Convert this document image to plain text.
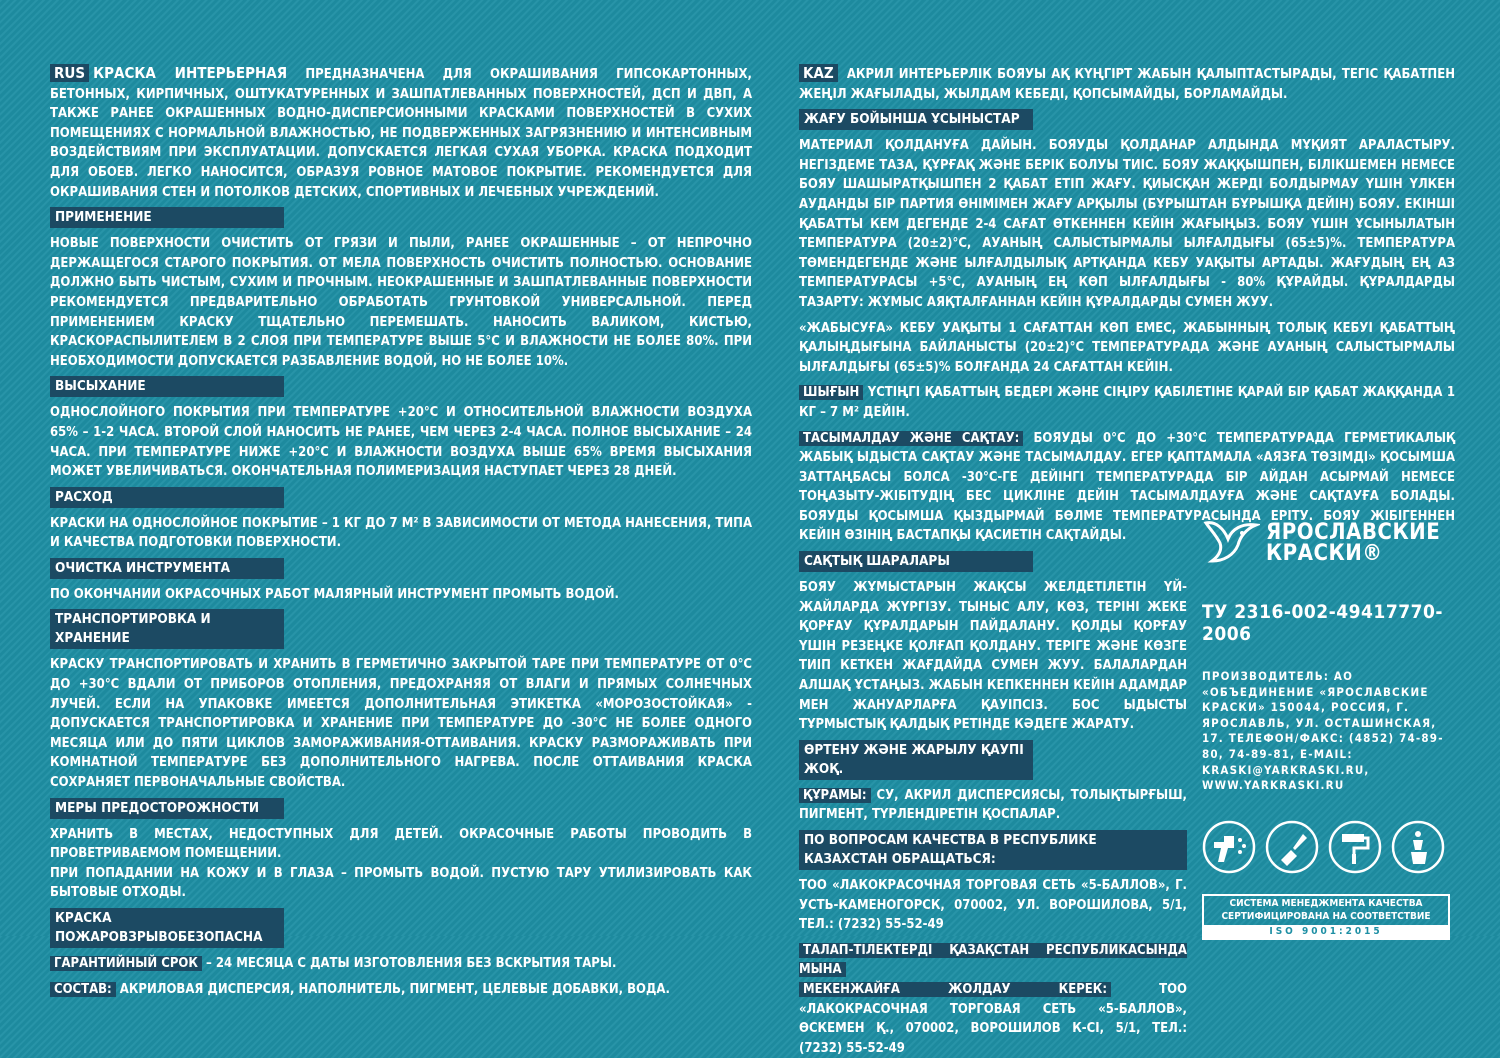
RUS КРАСКА ИНТЕРЬЕРНАЯ ПРЕДНАЗНАЧЕНА ДЛЯ ОКРАШИВАНИЯ ГИПСОКАРТОННЫХ, БЕТОННЫХ, КИРПИЧНЫХ, ОШТУКАТУРЕННЫХ И ЗАШПАТЛЕВАННЫХ ПОВЕРХНОСТЕЙ, ДСП И ДВП, А ТАКЖЕ РАНЕЕ ОКРАШЕННЫХ ВОДНО-ДИСПЕРСИОННЫМИ КРАСКАМИ ПОВЕРХНОСТЕЙ В СУХИХ ПОМЕЩЕНИЯХ С НОРМАЛЬНОЙ ВЛАЖНОСТЬЮ, НЕ ПОДВЕРЖЕННЫХ ЗАГРЯЗНЕНИЮ И ИНТЕНСИВНЫМ ВОЗДЕЙСТВИЯМ ПРИ ЭКСПЛУАТАЦИИ. ДОПУСКАЕТСЯ ЛЕГКАЯ СУХАЯ УБОРКА. КРАСКА ПОДХОДИТ ДЛЯ ОБОЕВ. ЛЕГКО НАНОСИТСЯ, ОБРАЗУЯ РОВНОЕ МАТОВОЕ ПОКРЫТИЕ. РЕКОМЕНДУЕТСЯ ДЛЯ ОКРАШИВАНИЯ СТЕН И ПОТОЛКОВ ДЕТСКИХ, СПОРТИВНЫХ И ЛЕЧЕБНЫХ УЧРЕЖДЕНИЙ.

ПРИМЕНЕНИЕ

НОВЫЕ ПОВЕРХНОСТИ ОЧИСТИТЬ ОТ ГРЯЗИ И ПЫЛИ, РАНЕЕ ОКРАШЕННЫЕ – ОТ НЕПРОЧНО ДЕРЖАЩЕГОСЯ СТАРОГО ПОКРЫТИЯ. ОТ МЕЛА ПОВЕРХНОСТЬ ОЧИСТИТЬ ПОЛНОСТЬЮ. ОСНОВАНИЕ ДОЛЖНО БЫТЬ ЧИСТЫМ, СУХИМ И ПРОЧНЫМ. НЕОКРАШЕННЫЕ И ЗАШПАТЛЕВАННЫЕ ПОВЕРХНОСТИ РЕКОМЕНДУЕТСЯ ПРЕДВАРИТЕЛЬНО ОБРАБОТАТЬ ГРУНТОВКОЙ УНИВЕРСАЛЬНОЙ. ПЕРЕД ПРИМЕНЕНИЕМ КРАСКУ ТЩАТЕЛЬНО ПЕРЕМЕШАТЬ. НАНОСИТЬ ВАЛИКОМ, КИСТЬЮ, КРАСКОРАСПЫЛИТЕЛЕМ В 2 СЛОЯ ПРИ ТЕМПЕРАТУРЕ ВЫШЕ 5°С И ВЛАЖНОСТИ НЕ БОЛЕЕ 80%. ПРИ НЕОБХОДИМОСТИ ДОПУСКАЕТСЯ РАЗБАВЛЕНИЕ ВОДОЙ, НО НЕ БОЛЕЕ 10%.

ВЫСЫХАНИЕ

ОДНОСЛОЙНОГО ПОКРЫТИЯ ПРИ ТЕМПЕРАТУРЕ +20°С И ОТНОСИТЕЛЬНОЙ ВЛАЖНОСТИ ВОЗДУХА 65% – 1-2 ЧАСА. ВТОРОЙ СЛОЙ НАНОСИТЬ НЕ РАНЕЕ, ЧЕМ ЧЕРЕЗ 2-4 ЧАСА. ПОЛНОЕ ВЫСЫХАНИЕ – 24 ЧАСА. ПРИ ТЕМПЕРАТУРЕ НИЖЕ +20°С И ВЛАЖНОСТИ ВОЗДУХА ВЫШЕ 65% ВРЕМЯ ВЫСЫХАНИЯ МОЖЕТ УВЕЛИЧИВАТЬСЯ. ОКОНЧАТЕЛЬНАЯ ПОЛИМЕРИЗАЦИЯ НАСТУПАЕТ ЧЕРЕЗ 28 ДНЕЙ.

РАСХОД

КРАСКИ НА ОДНОСЛОЙНОЕ ПОКРЫТИЕ – 1 КГ ДО 7 М² В ЗАВИСИМОСТИ ОТ МЕТОДА НАНЕСЕНИЯ, ТИПА И КАЧЕСТВА ПОДГОТОВКИ ПОВЕРХНОСТИ.

ОЧИСТКА ИНСТРУМЕНТА

ПО ОКОНЧАНИИ ОКРАСОЧНЫХ РАБОТ МАЛЯРНЫЙ ИНСТРУМЕНТ ПРОМЫТЬ ВОДОЙ.

ТРАНСПОРТИРОВКА И ХРАНЕНИЕ

КРАСКУ ТРАНСПОРТИРОВАТЬ И ХРАНИТЬ В ГЕРМЕТИЧНО ЗАКРЫТОЙ ТАРЕ ПРИ ТЕМПЕРАТУРЕ ОТ 0°С ДО +30°С ВДАЛИ ОТ ПРИБОРОВ ОТОПЛЕНИЯ, ПРЕДОХРАНЯЯ ОТ ВЛАГИ И ПРЯМЫХ СОЛНЕЧНЫХ ЛУЧЕЙ. ЕСЛИ НА УПАКОВКЕ ИМЕЕТСЯ ДОПОЛНИТЕЛЬНАЯ ЭТИКЕТКА «МОРОЗОСТОЙКАЯ» - ДОПУСКАЕТСЯ ТРАНСПОРТИРОВКА И ХРАНЕНИЕ ПРИ ТЕМПЕРАТУРЕ ДО -30°С НЕ БОЛЕЕ ОДНОГО МЕСЯЦА ИЛИ ДО ПЯТИ ЦИКЛОВ ЗАМОРАЖИВАНИЯ-ОТТАИВАНИЯ. КРАСКУ РАЗМОРАЖИВАТЬ ПРИ КОМНАТНОЙ ТЕМПЕРАТУРЕ БЕЗ ДОПОЛНИТЕЛЬНОГО НАГРЕВА. ПОСЛЕ ОТТАИВАНИЯ КРАСКА СОХРАНЯЕТ ПЕРВОНАЧАЛЬНЫЕ СВОЙСТВА.

МЕРЫ ПРЕДОСТОРОЖНОСТИ

ХРАНИТЬ В МЕСТАХ, НЕДОСТУПНЫХ ДЛЯ ДЕТЕЙ. ОКРАСОЧНЫЕ РАБОТЫ ПРОВОДИТЬ В ПРОВЕТРИВАЕМОМ ПОМЕЩЕНИИ.

ПРИ ПОПАДАНИИ НА КОЖУ И В ГЛАЗА – ПРОМЫТЬ ВОДОЙ. ПУСТУЮ ТАРУ УТИЛИЗИРОВАТЬ КАК БЫТОВЫЕ ОТХОДЫ.

КРАСКА ПОЖАРОВЗРЫВОБЕЗОПАСНА

ГАРАНТИЙНЫЙ СРОК – 24 МЕСЯЦА С ДАТЫ ИЗГОТОВЛЕНИЯ БЕЗ ВСКРЫТИЯ ТАРЫ.

СОСТАВ: АКРИЛОВАЯ ДИСПЕРСИЯ, НАПОЛНИТЕЛЬ, ПИГМЕНТ, ЦЕЛЕВЫЕ ДОБАВКИ, ВОДА.

KAZ АКРИЛ ИНТЕРЬЕРЛІК БОЯУЫ АҚ КҮҢГІРТ ЖАБЫН ҚАЛЫПТАСТЫРАДЫ, ТЕГІС ҚАБАТПЕН ЖЕҢІЛ ЖАҒЫЛАДЫ, ЖЫЛДАМ КЕБЕДІ, ҚОПСЫМАЙДЫ, БОРЛАМАЙДЫ.

ЖАҒУ БОЙЫНША ҰСЫНЫСТАР

МАТЕРИАЛ ҚОЛДАНУҒА ДАЙЫН. БОЯУДЫ ҚОЛДАНАР АЛДЫНДА МҰҚИЯТ АРАЛАСТЫРУ. НЕГІЗДЕМЕ ТАЗА, ҚҰРҒАҚ ЖӘНЕ БЕРІК БОЛУЫ ТИІС. БОЯУ ЖАҚҚЫШПЕН, БІЛІКШЕМЕН НЕМЕСЕ БОЯУ ШАШЫРАТҚЫШПЕН 2 ҚАБАТ ЕТІП ЖАҒУ. ҚИЫСҚАН ЖЕРДІ БОЛДЫРМАУ ҮШІН ҮЛКЕН АУДАНДЫ БІР ПАРТИЯ ӨНІМІМЕН ЖАҒУ АРҚЫЛЫ (БҰРЫШТАН БҰРЫШҚА ДЕЙІН) БОЯУ. ЕКІНШІ ҚАБАТТЫ КЕМ ДЕГЕНДЕ 2-4 САҒАТ ӨТКЕННЕН КЕЙІН ЖАҒЫҢЫЗ. БОЯУ ҮШІН ҰСЫНЫЛАТЫН ТЕМПЕРАТУРА (20±2)°С, АУАНЫҢ САЛЫСТЫРМАЛЫ ЫЛҒАЛДЫҒЫ (65±5)%. ТЕМПЕРАТУРА ТӨМЕНДЕГЕНДЕ ЖӘНЕ ЫЛҒАЛДЫЛЫҚ АРТҚАНДА КЕБУ УАҚЫТЫ АРТАДЫ. ЖАҒУДЫҢ ЕҢ АЗ ТЕМПЕРАТУРАСЫ +5°С, АУАНЫҢ ЕҢ КӨП ЫЛҒАЛДЫҒЫ - 80% ҚҰРАЙДЫ. ҚҰРАЛДАРДЫ ТАЗАРТУ: ЖҰМЫС АЯҚТАЛҒАННАН КЕЙІН ҚҰРАЛДАРДЫ СУМЕН ЖУУ.

«ЖАБЫСУҒА» КЕБУ УАҚЫТЫ 1 САҒАТТАН КӨП ЕМЕС, ЖАБЫННЫҢ ТОЛЫҚ КЕБУІ ҚАБАТТЫҢ ҚАЛЫҢДЫҒЫНА БАЙЛАНЫСТЫ (20±2)°С ТЕМПЕРАТУРАДА ЖӘНЕ АУАНЫҢ САЛЫСТЫРМАЛЫ ЫЛҒАЛДЫҒЫ (65±5)% БОЛҒАНДА 24 САҒАТТАН КЕЙІН.

ШЫҒЫН ҮСТІҢГІ ҚАБАТТЫҢ БЕДЕРІ ЖӘНЕ СІҢІРУ ҚАБІЛЕТІНЕ ҚАРАЙ БІР ҚАБАТ ЖАҚҚАНДА 1 КГ – 7 М² ДЕЙІН.

ТАСЫМАЛДАУ ЖӘНЕ САҚТАУ: БОЯУДЫ 0°С ДО +30°С ТЕМПЕРАТУРАДА ГЕРМЕТИКАЛЫҚ ЖАБЫҚ ЫДЫСТА САҚТАУ ЖӘНЕ ТАСЫМАЛДАУ. ЕГЕР ҚАПТАМАЛА «АЯЗҒА ТӨЗІМДІ» ҚОСЫМША ЗАТТАҢБАСЫ БОЛСА -30°С-ГЕ ДЕЙІНГІ ТЕМПЕРАТУРАДА БІР АЙДАН АСЫРМАЙ НЕМЕСЕ ТОҢАЗЫТУ-ЖІБІТУДІҢ БЕС ЦИКЛІНЕ ДЕЙІН ТАСЫМАЛДАУҒА ЖӘНЕ САҚТАУҒА БОЛАДЫ. БОЯУДЫ ҚОСЫМША ҚЫЗДЫРМАЙ БӨЛМЕ ТЕМПЕРАТУРАСЫНДА ЕРІТУ. БОЯУ ЖІБІГЕННЕН КЕЙІН ӨЗІНІҢ БАСТАПҚЫ ҚАСИЕТІН САҚТАЙДЫ.

САҚТЫҚ ШАРАЛАРЫ

БОЯУ ЖҰМЫСТАРЫН ЖАҚСЫ ЖЕЛДЕТІЛЕТІН ҮЙ-ЖАЙЛАРДА ЖҮРГІЗУ. ТЫНЫС АЛУ, КӨЗ, ТЕРІНІ ЖЕКЕ ҚОРҒАУ ҚҰРАЛДАРЫН ПАЙДАЛАНУ. ҚОЛДЫ ҚОРҒАУ ҮШІН РЕЗЕҢКЕ ҚОЛҒАП ҚОЛДАНУ. ТЕРІГЕ ЖӘНЕ КӨЗГЕ ТИІП КЕТКЕН ЖАҒДАЙДА СУМЕН ЖУУ. БАЛАЛАРДАН АЛШАҚ ҰСТАҢЫЗ. ЖАБЫН КЕПКЕННЕН КЕЙІН АДАМДАР МЕН ЖАНУАРЛАРҒА ҚАУІПСІЗ. БОС ЫДЫСТЫ ТҰРМЫСТЫҚ ҚАЛДЫҚ РЕТІНДЕ КӘДЕГЕ ЖАРАТУ.

ӨРТЕНУ ЖӘНЕ ЖАРЫЛУ ҚАУПІ ЖОҚ.

ҚҰРАМЫ: СУ, АКРИЛ ДИСПЕРСИЯСЫ, ТОЛЫҚТЫРҒЫШ, ПИГМЕНТ, ТҮРЛЕНДІРЕТІН ҚОСПАЛАР.

ПО ВОПРОСАМ КАЧЕСТВА В РЕСПУБЛИКЕ КАЗАХСТАН ОБРАЩАТЬСЯ:

ТОО «ЛАКОКРАСОЧНАЯ ТОРГОВАЯ СЕТЬ «5-БАЛЛОВ», Г. УСТЬ-КАМЕНОГОРСК, 070002, УЛ. ВОРОШИЛОВА, 5/1, ТЕЛ.: (7232) 55-52-49

ТАЛАП-ТІЛЕКТЕРДІ ҚАЗАҚСТАН РЕСПУБЛИКАСЫНДА МЫНА
МЕКЕНЖАЙҒА ЖОЛДАУ КЕРЕК: ТОО «ЛАКОКРАСОЧНАЯ ТОРГОВАЯ СЕТЬ «5-БАЛЛОВ», ӨСКЕМЕН Қ., 070002, ВОРОШИЛОВ К-СІ, 5/1, ТЕЛ.: (7232) 55-52-49

ЯРОСЛАВСКИЕ
КРАСКИ®
ТУ 2316-002-49417770-2006
ПРОИЗВОДИТЕЛЬ: АО «ОБЪЕДИНЕНИЕ «ЯРОСЛАВСКИЕ КРАСКИ» 150044, РОССИЯ, Г. ЯРОСЛАВЛЬ, УЛ. ОСТАШИНСКАЯ, 17. ТЕЛЕФОН/ФАКС: (4852) 74-89-80, 74-89-81, E-MAIL: KRASKI@YARKRASKI.RU, WWW.YARKRASKI.RU
СИСТЕМА МЕНЕДЖМЕНТА КАЧЕСТВА
СЕРТИФИЦИРОВАНА НА СООТВЕТСТВИЕ
ISO 9001:2015
